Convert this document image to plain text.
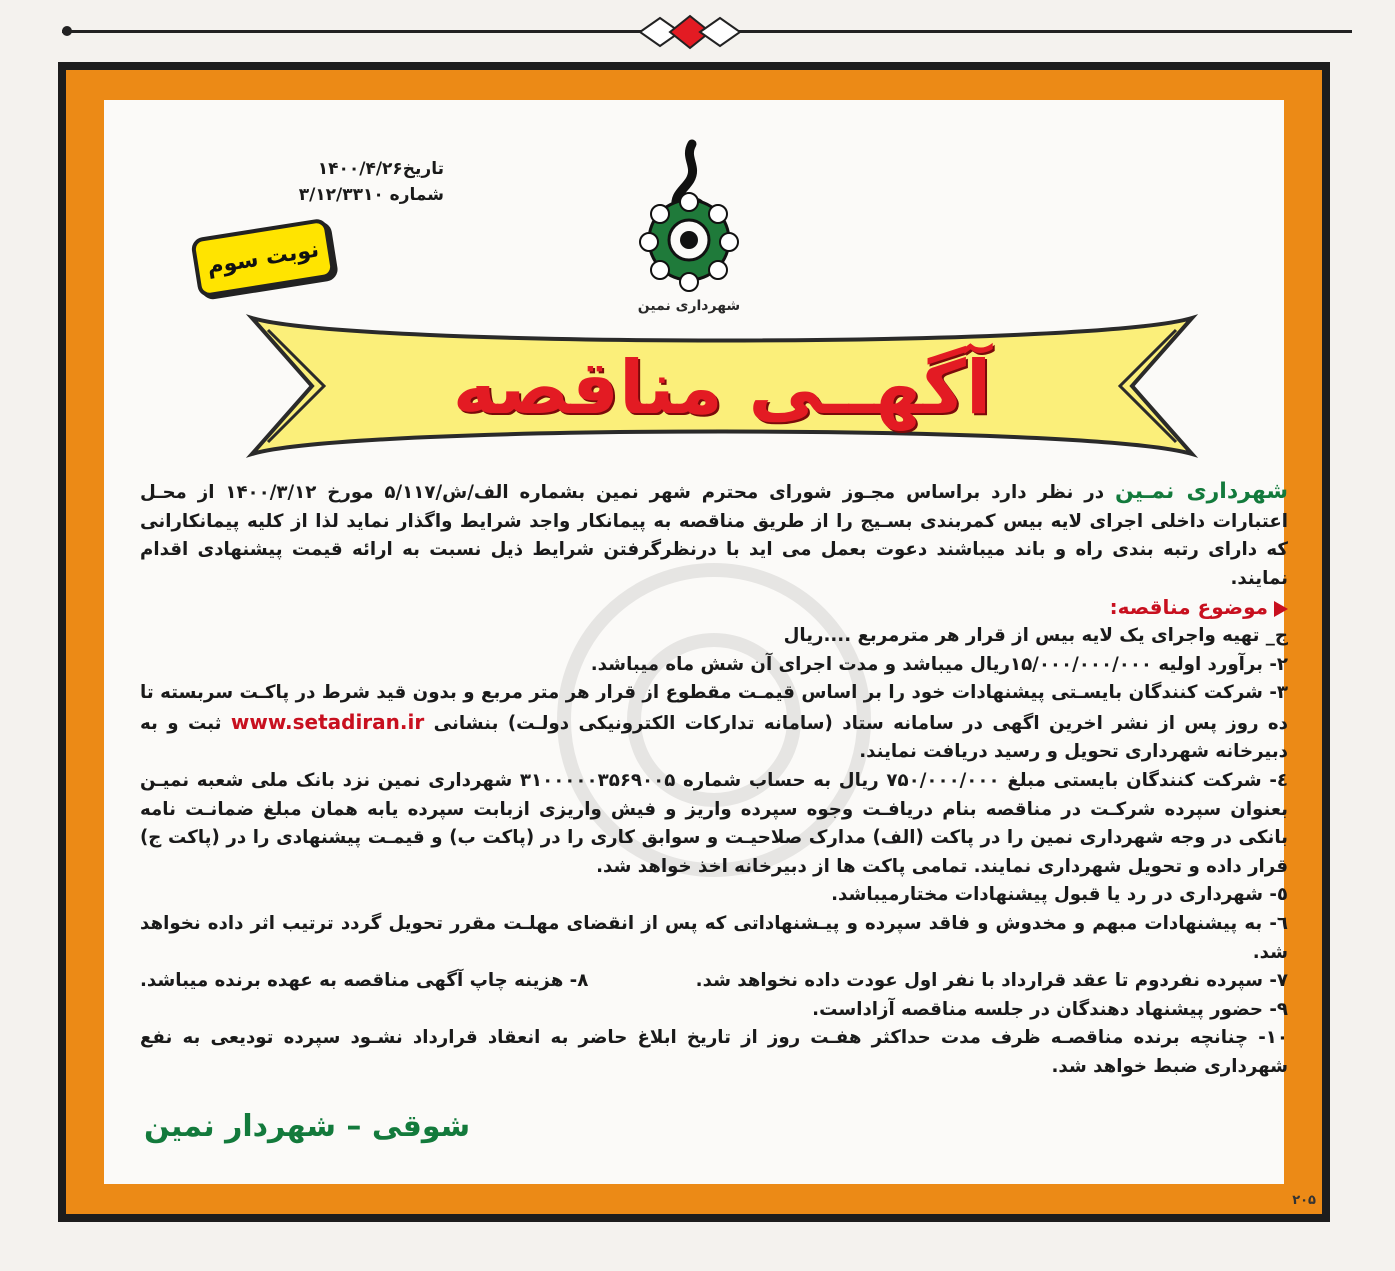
تاریخ۱۴۰۰/۴/۲۶
شماره ۳/۱۲/۳۳۱۰
نوبت سوم
شهرداری نمین
آگهــی مناقصه

شهرداری نمـین در نظر دارد براساس مجـوز شورای محترم شهر نمین بشماره الف/ش/۵/۱۱۷ مورخ ۱۴۰۰/۳/۱۲ از محـل اعتبارات داخلی اجرای لایه بیس کمربندی بسـیج را از طریق مناقصه به پیمانکار واجد شرایط واگذار نماید لذا از کلیه پیمانکارانی که دارای رتبه بندی راه و باند میباشند دعوت بعمل می اید با درنظرگرفتن شرایط ذیل نسبت به ارائه قیمت پیشنهادی اقدام نمایند.

موضوع مناقصه:

ج_ تهیه واجرای یک لایه بیس از قرار هر مترمربع ....ریال

۲- برآورد اولیه ۱۵/۰۰۰/۰۰۰/۰۰۰ریال میباشد و مدت اجرای آن شش ماه میباشد.

۳- شرکت کنندگان بایسـتی پیشنهادات خود را بر اساس قیمـت مقطوع از قرار هر متر مربع و بدون قید شرط در پاکـت سربسته تا ده روز پس از نشر اخرین اگهی در سامانه ستاد (سامانه تدارکات الکترونیکی دولـت) بنشانی www.setadiran.ir ثبت و به دبیرخانه شهرداری تحویل و رسید دریافت نمایند.

٤- شرکت کنندگان بایستی مبلغ ۷۵۰/۰۰۰/۰۰۰ ریال به حساب شماره ۳۱۰۰۰۰۰۳۵۶۹۰۰۵ شهرداری نمین نزد بانک ملی شعبه نمیـن بعنوان سپرده شرکـت در مناقصه بنام دریافـت وجوه سپرده واریز و فیش واریزی ازبابت سپرده یابه همان مبلغ ضمانـت نامه بانکی در وجه شهرداری نمین را در پاکت (الف) مدارک صلاحیـت و سوابق کاری را در (پاکت ب) و قیمـت پیشنهادی را در (پاکت ج) قرار داده و تحویل شهرداری نمایند. تمامی پاکت ها از دبیرخانه اخذ خواهد شد.

٥- شهرداری در رد یا قبول پیشنهادات مختارمیباشد.

٦- به پیشنهادات مبهم و مخدوش و فاقد سپرده و پیـشنهاداتی که پس از انقضای مهلـت مقرر تحویل گردد ترتیب اثر داده نخواهد شد.

۷- سپرده نفردوم تا عقد قرارداد با نفر اول عودت داده نخواهد شد.
۸- هزینه چاپ آگهی مناقصه به عهده برنده میباشد.

۹- حضور پیشنهاد دهندگان در جلسه مناقصه آزاداست.

۱۰- چنانچه برنده مناقصـه ظرف مدت حداکثر هفـت روز از تاریخ ابلاغ حاضر به انعقاد قرارداد نشـود سپرده تودیعی به نفع شهرداری ضبط خواهد شد.

شوقی – شهردار نمین
۲۰۵
